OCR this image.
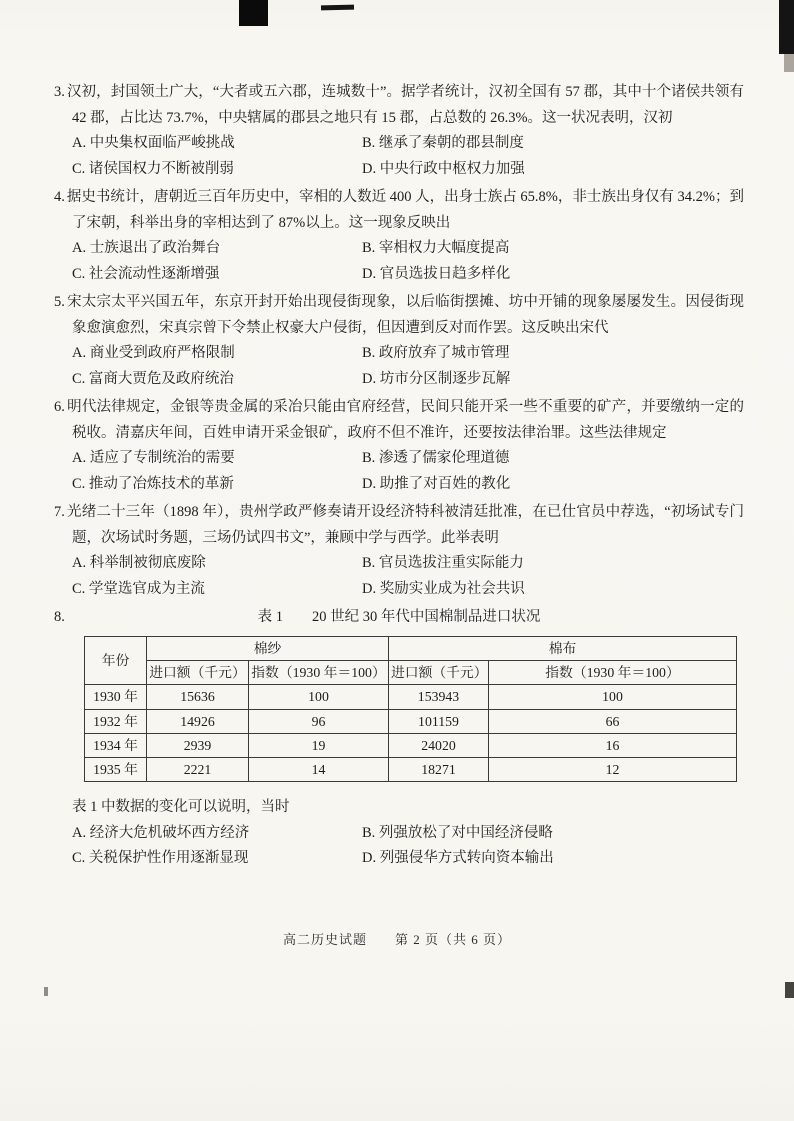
3. 汉初，封国领土广大，“大者或五六郡，连城数十”。据学者统计，汉初全国有 57 郡，其中十个诸侯共领有 42 郡，占比达 73.7%，中央辖属的郡县之地只有 15 郡，占总数的 26.3%。这一状况表明，汉初
A. 中央集权面临严峻挑战	B. 继承了秦朝的郡县制度
C. 诸侯国权力不断被削弱	D. 中央行政中枢权力加强
4. 据史书统计，唐朝近三百年历史中，宰相的人数近 400 人，出身士族占 65.8%，非士族出身仅有 34.2%；到了宋朝，科举出身的宰相达到了 87%以上。这一现象反映出
A. 士族退出了政治舞台	B. 宰相权力大幅度提高
C. 社会流动性逐渐增强	D. 官员选拔日趋多样化
5. 宋太宗太平兴国五年，东京开封开始出现侵街现象，以后临街摆摊、坊中开铺的现象屡屡发生。因侵街现象愈演愈烈，宋真宗曾下令禁止权豪大户侵街，但因遭到反对而作罢。这反映出宋代
A. 商业受到政府严格限制	B. 政府放弃了城市管理
C. 富商大贾危及政府统治	D. 坊市分区制逐步瓦解
6. 明代法律规定，金银等贵金属的采冶只能由官府经营，民间只能开采一些不重要的矿产，并要缴纳一定的税收。清嘉庆年间，百姓申请开采金银矿，政府不但不准许，还要按法律治罪。这些法律规定
A. 适应了专制统治的需要	B. 渗透了儒家伦理道德
C. 推动了冶炼技术的革新	D. 助推了对百姓的教化
7. 光绪二十三年（1898 年），贵州学政严修奏请开设经济特科被清廷批准，在已仕官员中荐选，“初场试专门题，次场试时务题，三场仍试四书文”，兼顾中学与西学。此举表明
A. 科举制被彻底废除	B. 官员选拔注重实际能力
C. 学堂选官成为主流	D. 奖励实业成为社会共识
8.	表 1　　20 世纪 30 年代中国棉制品进口状况
年份	棉纱		棉布	
	进口额（千元）	指数（1930 年＝100）	进口额（千元）	指数（1930 年＝100）
1930 年	15636	100	153943	100
1932 年	14926	96	101159	66
1934 年	2939	19	24020	16
1935 年	2221	14	18271	12
表 1 中数据的变化可以说明，当时
A. 经济大危机破坏西方经济	B. 列强放松了对中国经济侵略
C. 关税保护性作用逐渐显现	D. 列强侵华方式转向资本输出
高二历史试题　　第 2 页（共 6 页）
